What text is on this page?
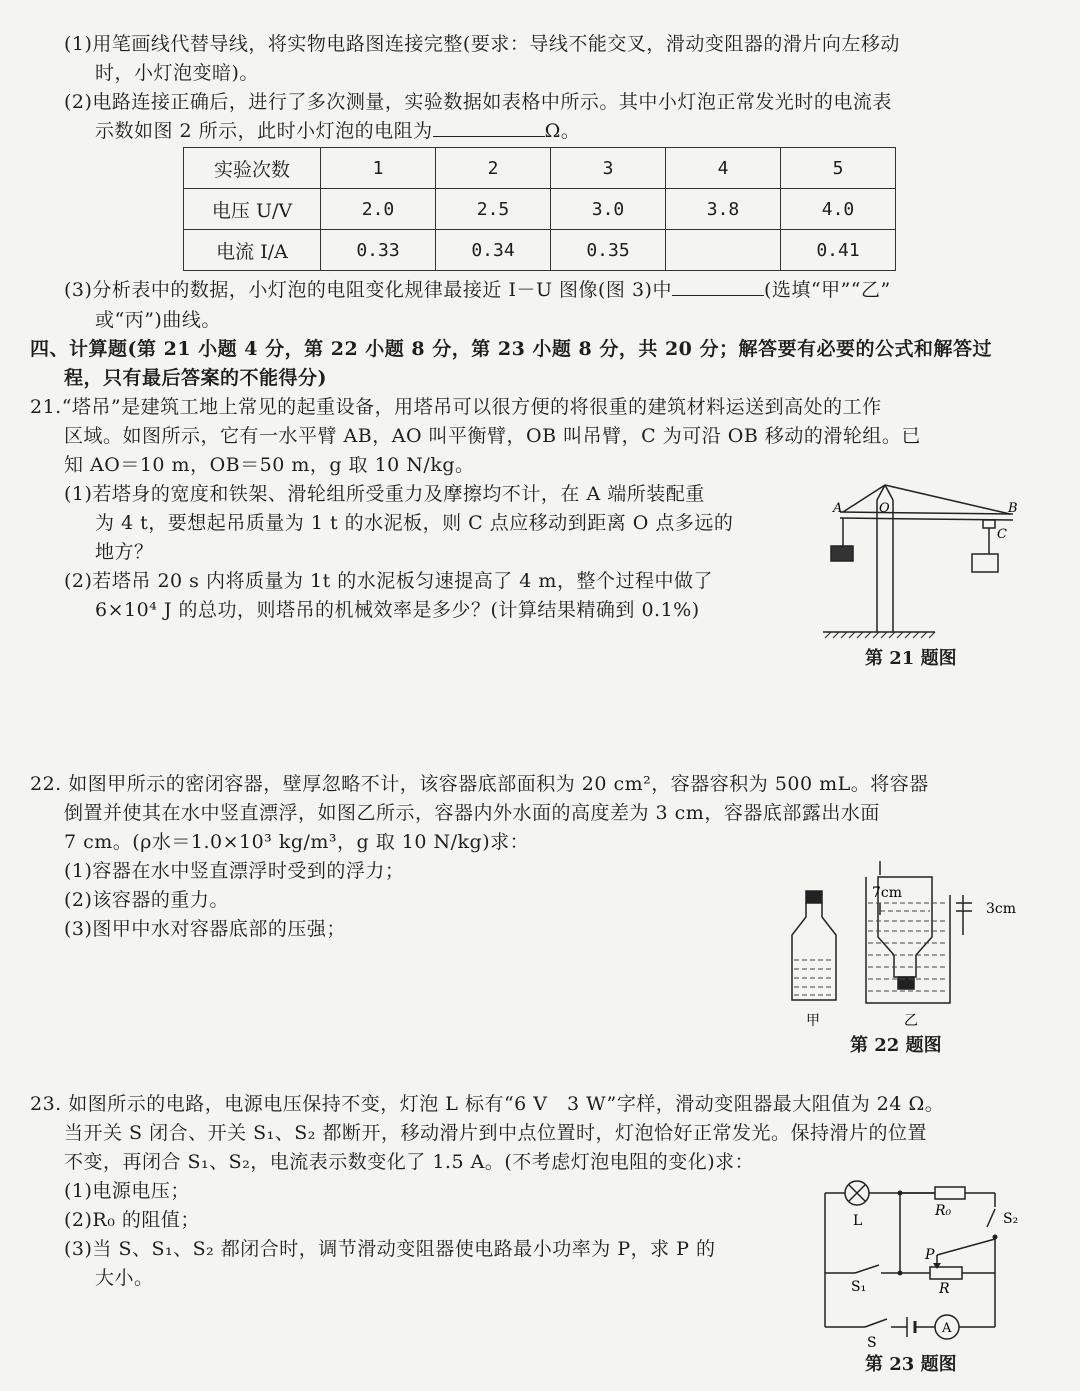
(1)用笔画线代替导线，将实物电路图连接完整(要求：导线不能交叉，滑动变阻器的滑片向左移动
时，小灯泡变暗)。
(2)电路连接正确后，进行了多次测量，实验数据如表格中所示。其中小灯泡正常发光时的电流表
示数如图 2 所示，此时小灯泡的电阻为	Ω。
实验次数	1	2	3	4	5
电压 U/V	2.0	2.5	3.0	3.8	4.0
电流 I/A	0.33	0.34	0.35		0.41
(3)分析表中的数据，小灯泡的电阻变化规律最接近 I－U 图像(图 3)中	(选填“甲”“乙”
或“丙”)曲线。
四、计算题(第 21 小题 4 分，第 22 小题 8 分，第 23 小题 8 分，共 20 分；解答要有必要的公式和解答过
程，只有最后答案的不能得分)
21.“塔吊”是建筑工地上常见的起重设备，用塔吊可以很方便的将很重的建筑材料运送到高处的工作
区域。如图所示，它有一水平臂 AB，AO 叫平衡臂，OB 叫吊臂，C 为可沿 OB 移动的滑轮组。已
知 AO＝10 m，OB＝50 m，g 取 10 N/kg。
(1)若塔身的宽度和铁架、滑轮组所受重力及摩擦均不计，在 A 端所装配重
为 4 t，要想起吊质量为 1 t 的水泥板，则 C 点应移动到距离 O 点多远的
地方？
(2)若塔吊 20 s 内将质量为 1t 的水泥板匀速提高了 4 m，整个过程中做了
6×10⁴ J 的总功，则塔吊的机械效率是多少？(计算结果精确到 0.1%)
A	O	B
C
第 21 题图
22. 如图甲所示的密闭容器，壁厚忽略不计，该容器底部面积为 20 cm²，容器容积为 500 mL。将容器
倒置并使其在水中竖直漂浮，如图乙所示，容器内外水面的高度差为 3 cm，容器底部露出水面
7 cm。(ρ水＝1.0×10³ kg/m³，g 取 10 N/kg)求：
(1)容器在水中竖直漂浮时受到的浮力；
(2)该容器的重力。
(3)图甲中水对容器底部的压强；
7cm
3cm
甲	乙
第 22 题图
23. 如图所示的电路，电源电压保持不变，灯泡 L 标有“6 V　3 W”字样，滑动变阻器最大阻值为 24 Ω。
当开关 S 闭合、开关 S₁、S₂ 都断开，移动滑片到中点位置时，灯泡恰好正常发光。保持滑片的位置
不变，再闭合 S₁、S₂，电流表示数变化了 1.5 A。(不考虑灯泡电阻的变化)求：
(1)电源电压；
(2)R₀ 的阻值；
(3)当 S、S₁、S₂ 都闭合时，调节滑动变阻器使电路最小功率为 P，求 P 的
大小。
L
R₀	S₂
P
R
S₁
S
A
第 23 题图
